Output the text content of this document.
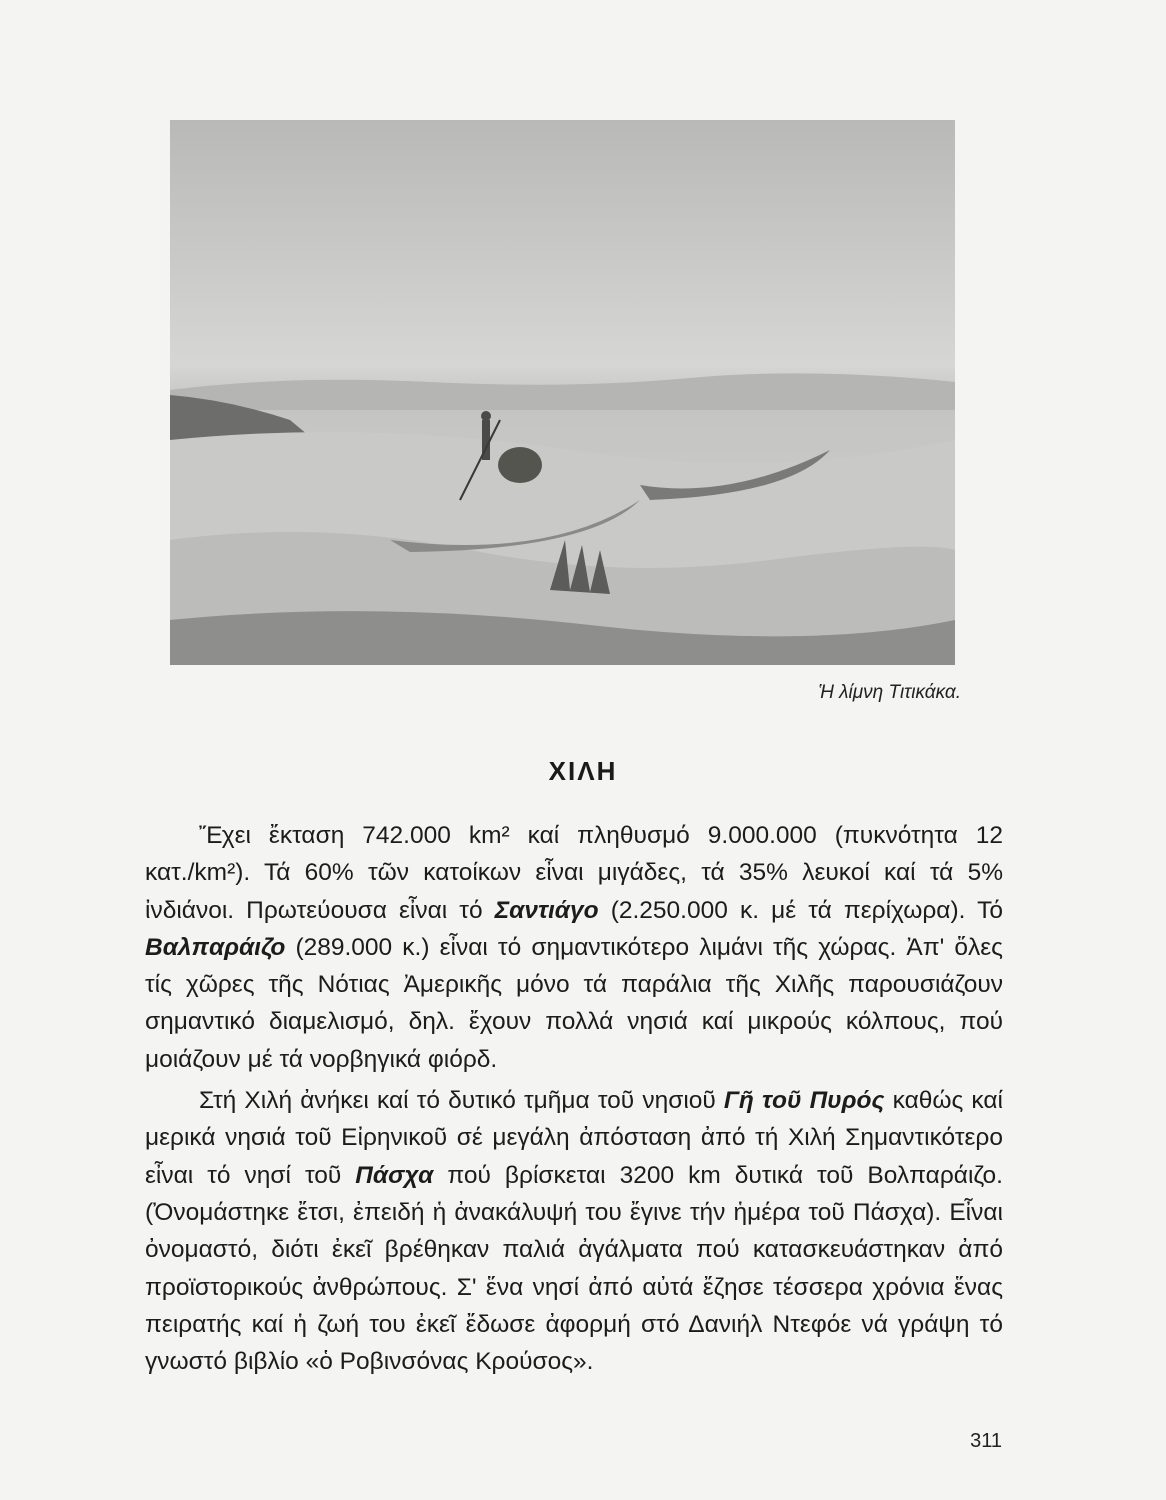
Ἡ λίμνη Τιτικάκα.
ΧΙΛΗ

Ἔχει ἔκταση 742.000 km² καί πληθυσμό 9.000.000 (πυκνότητα 12 κατ./km²). Τά 60% τῶν κατοίκων εἶναι μιγάδες, τά 35% λευκοί καί τά 5% ἰνδιάνοι. Πρωτεύουσα εἶναι τό Σαντιάγο (2.250.000 κ. μέ τά περίχωρα). Τό Βαλπαράιζο (289.000 κ.) εἶναι τό σημαντικότερο λιμάνι τῆς χώρας. Ἀπ' ὅλες τίς χῶρες τῆς Νότιας Ἀμερικῆς μόνο τά παράλια τῆς Χιλῆς παρουσιάζουν σημαντικό διαμελισμό, δηλ. ἔχουν πολλά νησιά καί μικρούς κόλπους, πού μοιάζουν μέ τά νορβηγικά φιόρδ.

Στή Χιλή ἀνήκει καί τό δυτικό τμῆμα τοῦ νησιοῦ Γῆ τοῦ Πυρός καθώς καί μερικά νησιά τοῦ Εἰρηνικοῦ σέ μεγάλη ἀπόσταση ἀπό τή Χιλή Σημαντικότερο εἶναι τό νησί τοῦ Πάσχα πού βρίσκεται 3200 km δυτικά τοῦ Βολπαράιζο. (Ὀνομάστηκε ἔτσι, ἐπειδή ἡ ἀνακάλυψή του ἔγινε τήν ἡμέρα τοῦ Πάσχα). Εἶναι ὀνομαστό, διότι ἐκεῖ βρέθηκαν παλιά ἀγάλματα πού κατασκευάστηκαν ἀπό προϊστορικούς ἀνθρώπους. Σ' ἕνα νησί ἀπό αὐτά ἔζησε τέσσερα χρόνια ἕνας πειρατής καί ἡ ζωή του ἐκεῖ ἔδωσε ἀφορμή στό Δανιήλ Ντεφόε νά γράψη τό γνωστό βιβλίο «ὁ Ροβινσόνας Κρούσος».

311
